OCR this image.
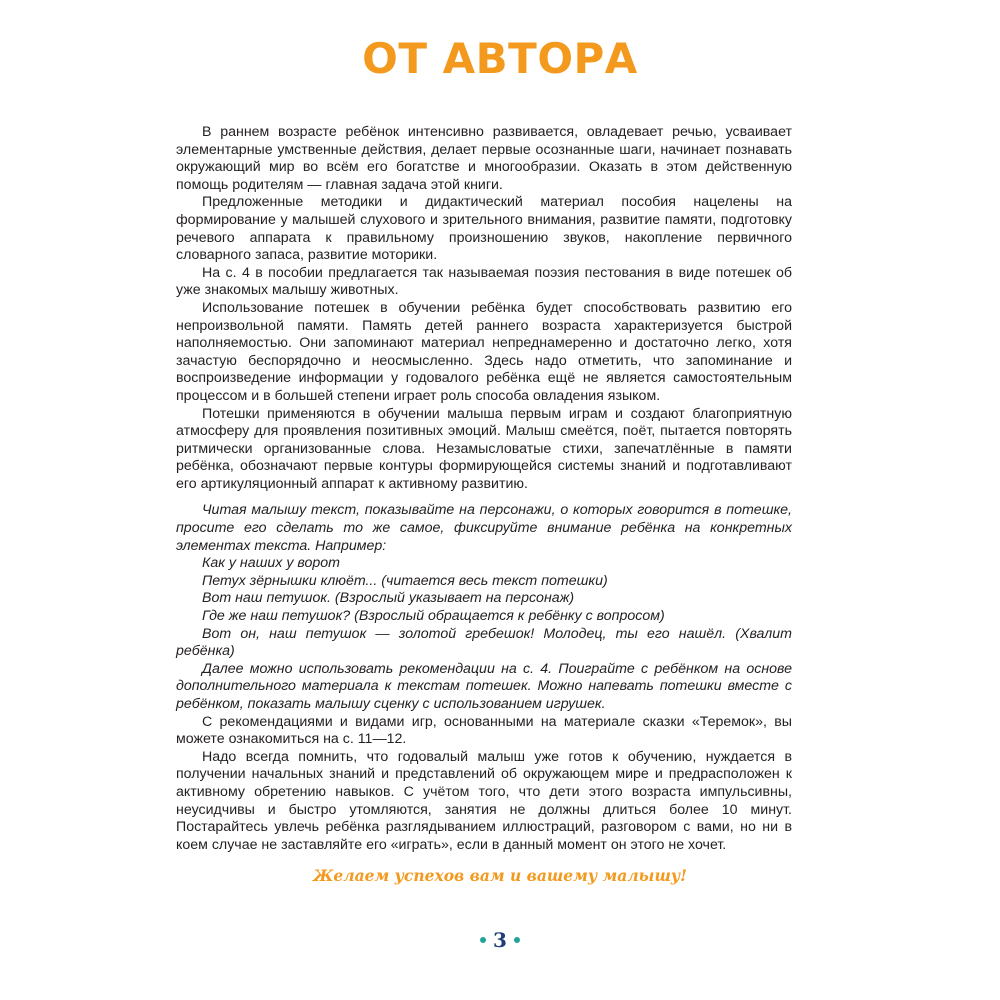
ОТ АВТОРА

В раннем возрасте ребёнок интенсивно развивается, овладевает речью, усваивает элементарные умственные действия, делает первые осознанные шаги, начинает познавать окружающий мир во всём его богатстве и многообразии. Оказать в этом действенную помощь родителям — главная задача этой книги.

Предложенные методики и дидактический материал пособия нацелены на формирование у малышей слухового и зрительного внимания, развитие памяти, подготовку речевого аппарата к правильному произношению звуков, накопление первичного словарного запаса, развитие моторики.

На с. 4 в пособии предлагается так называемая поэзия пестования в виде потешек об уже знакомых малышу животных.

Использование потешек в обучении ребёнка будет способствовать развитию его непроизвольной памяти. Память детей раннего возраста характеризуется быстрой наполняемостью. Они запоминают материал непреднамеренно и достаточно легко, хотя зачастую беспорядочно и неосмысленно. Здесь надо отметить, что запоминание и воспроизведение информации у годовалого ребёнка ещё не является самостоятельным процессом и в большей степени играет роль способа овладения языком.

Потешки применяются в обучении малыша первым играм и создают благоприятную атмосферу для проявления позитивных эмоций. Малыш смеётся, поёт, пытается повторять ритмически организованные слова. Незамысловатые стихи, запечатлённые в памяти ребёнка, обозначают первые контуры формирующейся системы знаний и подготавливают его артикуляционный аппарат к активному развитию.

Читая малышу текст, показывайте на персонажи, о которых говорится в потешке, просите его сделать то же самое, фиксируйте внимание ребёнка на конкретных элементах текста. Например:

Как у наших у ворот

Петух зёрнышки клюёт... (читается весь текст потешки)

Вот наш петушок. (Взрослый указывает на персонаж)

Где же наш петушок? (Взрослый обращается к ребёнку с вопросом)

Вот он, наш петушок — золотой гребешок! Молодец, ты его нашёл. (Хвалит ребёнка)

Далее можно использовать рекомендации на с. 4. Поиграйте с ребёнком на основе дополнительного материала к текстам потешек. Можно напевать потешки вместе с ребёнком, показать малышу сценку с использованием игрушек.

С рекомендациями и видами игр, основанными на материале сказки «Теремок», вы можете ознакомиться на с. 11—12.

Надо всегда помнить, что годовалый малыш уже готов к обучению, нуждается в получении начальных знаний и представлений об окружающем мире и предрасположен к активному обретению навыков. С учётом того, что дети этого возраста импульсивны, неусидчивы и быстро утомляются, занятия не должны длиться более 10 минут. Постарайтесь увлечь ребёнка разглядыванием иллюстраций, разговором с вами, но ни в коем случае не заставляйте его «играть», если в данный момент он этого не хочет.

Желаем успехов вам и вашему малышу!
3
